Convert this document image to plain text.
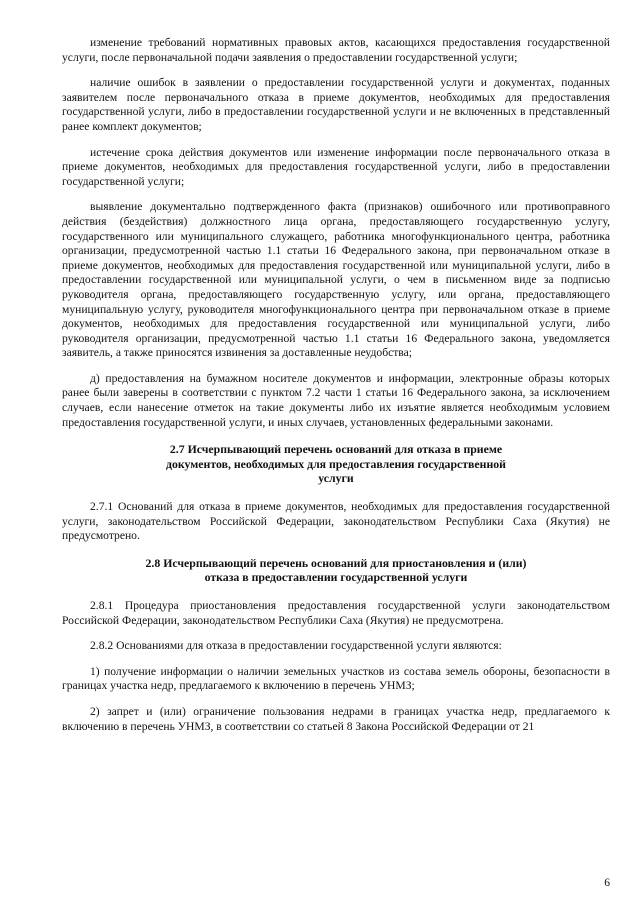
изменение требований нормативных правовых актов, касающихся предоставления государственной услуги, после первоначальной подачи заявления о предоставлении государственной услуги;

наличие ошибок в заявлении о предоставлении государственной услуги и документах, поданных заявителем после первоначального отказа в приеме документов, необходимых для предоставления государственной услуги, либо в предоставлении государственной услуги и не включенных в представленный ранее комплект документов;

истечение срока действия документов или изменение информации после первоначального отказа в приеме документов, необходимых для предоставления государственной услуги, либо в предоставлении государственной услуги;

выявление документально подтвержденного факта (признаков) ошибочного или противоправного действия (бездействия) должностного лица органа, предоставляющего государственную услугу, государственного или муниципального служащего, работника многофункционального центра, работника организации, предусмотренной частью 1.1 статьи 16 Федерального закона, при первоначальном отказе в приеме документов, необходимых для предоставления государственной или муниципальной услуги, либо в предоставлении государственной или муниципальной услуги, о чем в письменном виде за подписью руководителя органа, предоставляющего государственную услугу, или органа, предоставляющего муниципальную услугу, руководителя многофункционального центра при первоначальном отказе в приеме документов, необходимых для предоставления государственной или муниципальной услуги, либо руководителя организации, предусмотренной частью 1.1 статьи 16 Федерального закона, уведомляется заявитель, а также приносятся извинения за доставленные неудобства;

д) предоставления на бумажном носителе документов и информации, электронные образы которых ранее были заверены в соответствии с пунктом 7.2 части 1 статьи 16 Федерального закона, за исключением случаев, если нанесение отметок на такие документы либо их изъятие является необходимым условием предоставления государственной услуги, и иных случаев, установленных федеральными законами.

2.7 Исчерпывающий перечень оснований для отказа в приеме
документов, необходимых для предоставления государственной
услуги

2.7.1 Оснований для отказа в приеме документов, необходимых для предоставления государственной услуги, законодательством Российской Федерации, законодательством Республики Саха (Якутия) не предусмотрено.

2.8 Исчерпывающий перечень оснований для приостановления и (или)
отказа в предоставлении государственной услуги

2.8.1 Процедура приостановления предоставления государственной услуги законодательством Российской Федерации, законодательством Республики Саха (Якутия) не предусмотрена.

2.8.2 Основаниями для отказа в предоставлении государственной услуги являются:

1) получение информации о наличии земельных участков из состава земель обороны, безопасности в границах участка недр, предлагаемого к включению в перечень УНМЗ;

2) запрет и (или) ограничение пользования недрами в границах участка недр, предлагаемого к включению в перечень УНМЗ, в соответствии со статьей 8 Закона Российской Федерации от 21

6
